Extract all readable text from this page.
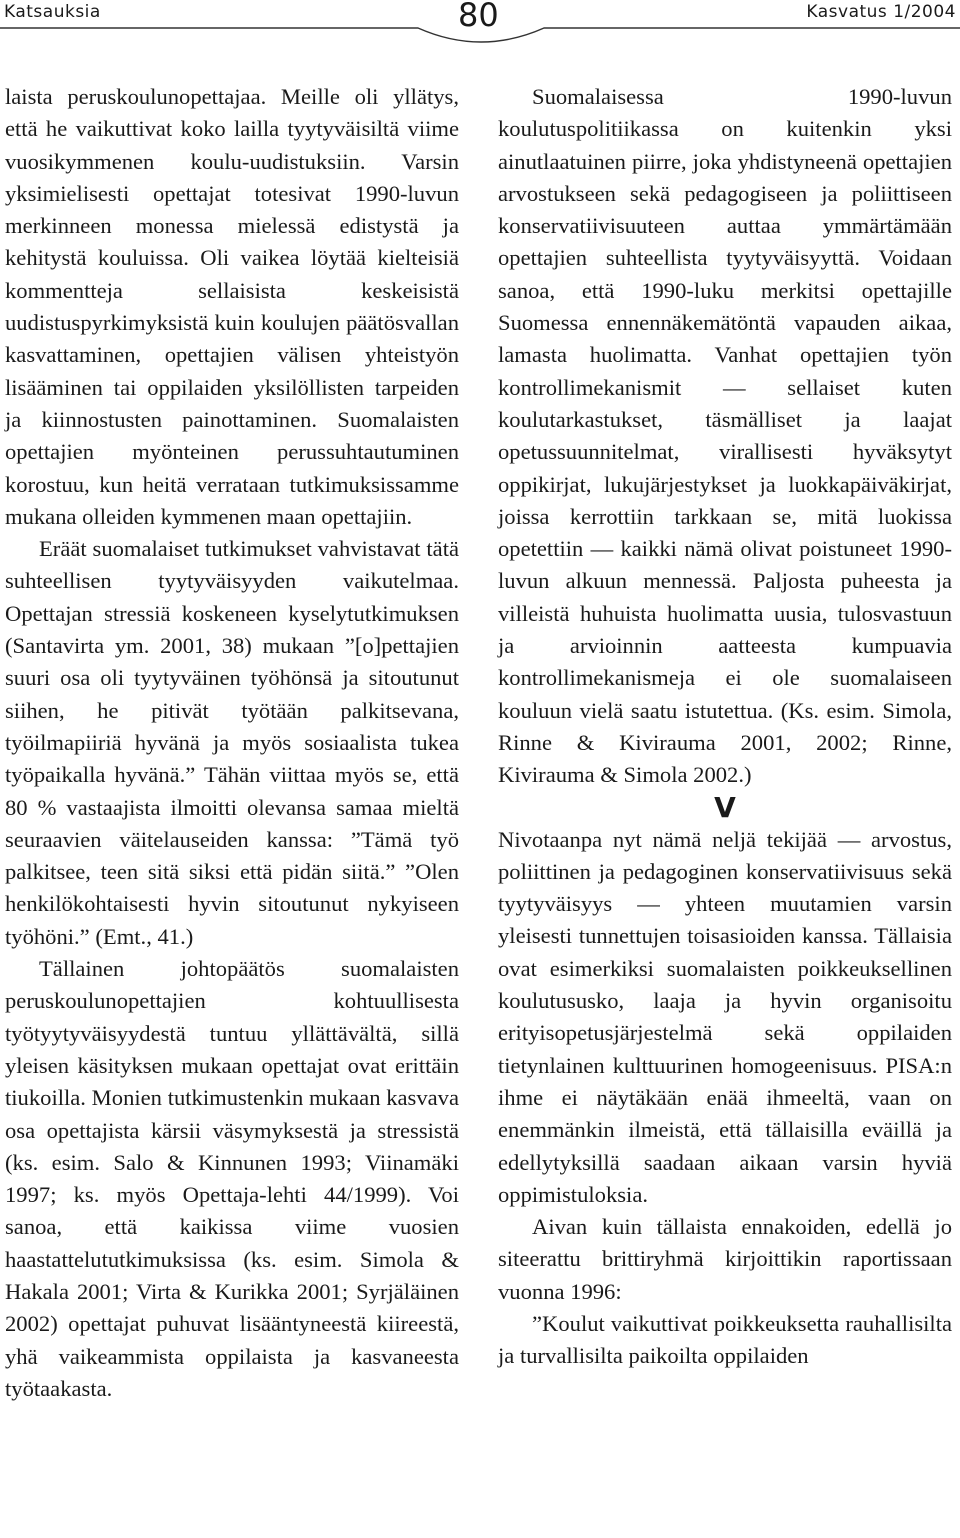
Katsauksia	80	Kasvatus 1/2004

laista peruskoulunopettajaa. Meille oli yllätys, että he vaikuttivat koko lailla tyytyväisiltä viime vuosikymmenen koulu-uudistuksiin. Varsin yksimielisesti opettajat totesivat 1990-luvun merkinneen monessa mielessä edistystä ja kehitystä kouluissa. Oli vaikea löytää kielteisiä kommentteja sellaisista keskeisistä uudistuspyrkimyksistä kuin koulujen päätösvallan kasvattaminen, opettajien välisen yhteistyön lisääminen tai oppilaiden yksilöllisten tarpeiden ja kiinnostusten painottaminen. Suomalaisten opettajien myönteinen perussuhtautuminen korostuu, kun heitä verrataan tutkimuksissamme mukana olleiden kymmenen maan opettajiin.

Eräät suomalaiset tutkimukset vahvistavat tätä suhteellisen tyytyväisyyden vaikutelmaa. Opettajan stressiä koskeneen kyselytutkimuksen (Santavirta ym. 2001, 38) mukaan ”[o]pettajien suuri osa oli tyytyväinen työhönsä ja sitoutunut siihen, he pitivät työtään palkitsevana, työilmapiiriä hyvänä ja myös sosiaalista tukea työpaikalla hyvänä.” Tähän viittaa myös se, että 80 % vastaajista ilmoitti olevansa samaa mieltä seuraavien väitelauseiden kanssa: ”Tämä työ palkitsee, teen sitä siksi että pidän siitä.” ”Olen henkilökohtaisesti hyvin sitoutunut nykyiseen työhöni.” (Emt., 41.)

Tällainen johtopäätös suomalaisten peruskoulunopettajien kohtuullisesta työtyytyväisyydestä tuntuu yllättävältä, sillä yleisen käsityksen mukaan opettajat ovat erittäin tiukoilla. Monien tutkimustenkin mukaan kasvava osa opettajista kärsii väsymyksestä ja stressistä (ks. esim. Salo & Kinnunen 1993; Viinamäki 1997; ks. myös Opettaja-lehti 44/1999). Voi sanoa, että kaikissa viime vuosien haastattelututkimuksissa (ks. esim. Simola & Hakala 2001; Virta & Kurikka 2001; Syrjäläinen 2002) opettajat puhuvat lisääntyneestä kiireestä, yhä vaikeammista oppilaista ja kasvaneesta työtaakasta.

Suomalaisessa 1990-luvun koulutuspolitiikassa on kuitenkin yksi ainutlaatuinen piirre, joka yhdistyneenä opettajien arvostukseen sekä pedagogiseen ja poliittiseen konservatiivisuuteen auttaa ymmärtämään opettajien suhteellista tyytyväisyyttä. Voidaan sanoa, että 1990-luku merkitsi opettajille Suomessa ennennäkemätöntä vapauden aikaa, lamasta huolimatta. Vanhat opettajien työn kontrollimekanismit — sellaiset kuten koulutarkastukset, täsmälliset ja laajat opetussuunnitelmat, virallisesti hyväksytyt oppikirjat, lukujärjestykset ja luokkapäiväkirjat, joissa kerrottiin tarkkaan se, mitä luokissa opetettiin — kaikki nämä olivat poistuneet 1990-luvun alkuun mennessä. Paljosta puheesta ja villeistä huhuista huolimatta uusia, tulosvastuun ja arvioinnin aatteesta kumpuavia kontrollimekanismeja ei ole suomalaiseen kouluun vielä saatu istutettua. (Ks. esim. Simola, Rinne & Kivirauma 2001, 2002; Rinne, Kivirauma & Simola 2002.)

V

Nivotaanpa nyt nämä neljä tekijää — arvostus, poliittinen ja pedagoginen konservatiivisuus sekä tyytyväisyys — yhteen muutamien varsin yleisesti tunnettujen toisasioiden kanssa. Tällaisia ovat esimerkiksi suomalaisten poikkeuksellinen koulutususko, laaja ja hyvin organisoitu erityisopetusjärjestelmä sekä oppilaiden tietynlainen kulttuurinen homogeenisuus. PISA:n ihme ei näytäkään enää ihmeeltä, vaan on enemmänkin ilmeistä, että tällaisilla eväillä ja edellytyksillä saadaan aikaan varsin hyviä oppimistuloksia.

Aivan kuin tällaista ennakoiden, edellä jo siteerattu brittiryhmä kirjoittikin raportissaan vuonna 1996:

”Koulut vaikuttivat poikkeuksetta rauhallisilta ja turvallisilta paikoilta oppilaiden
